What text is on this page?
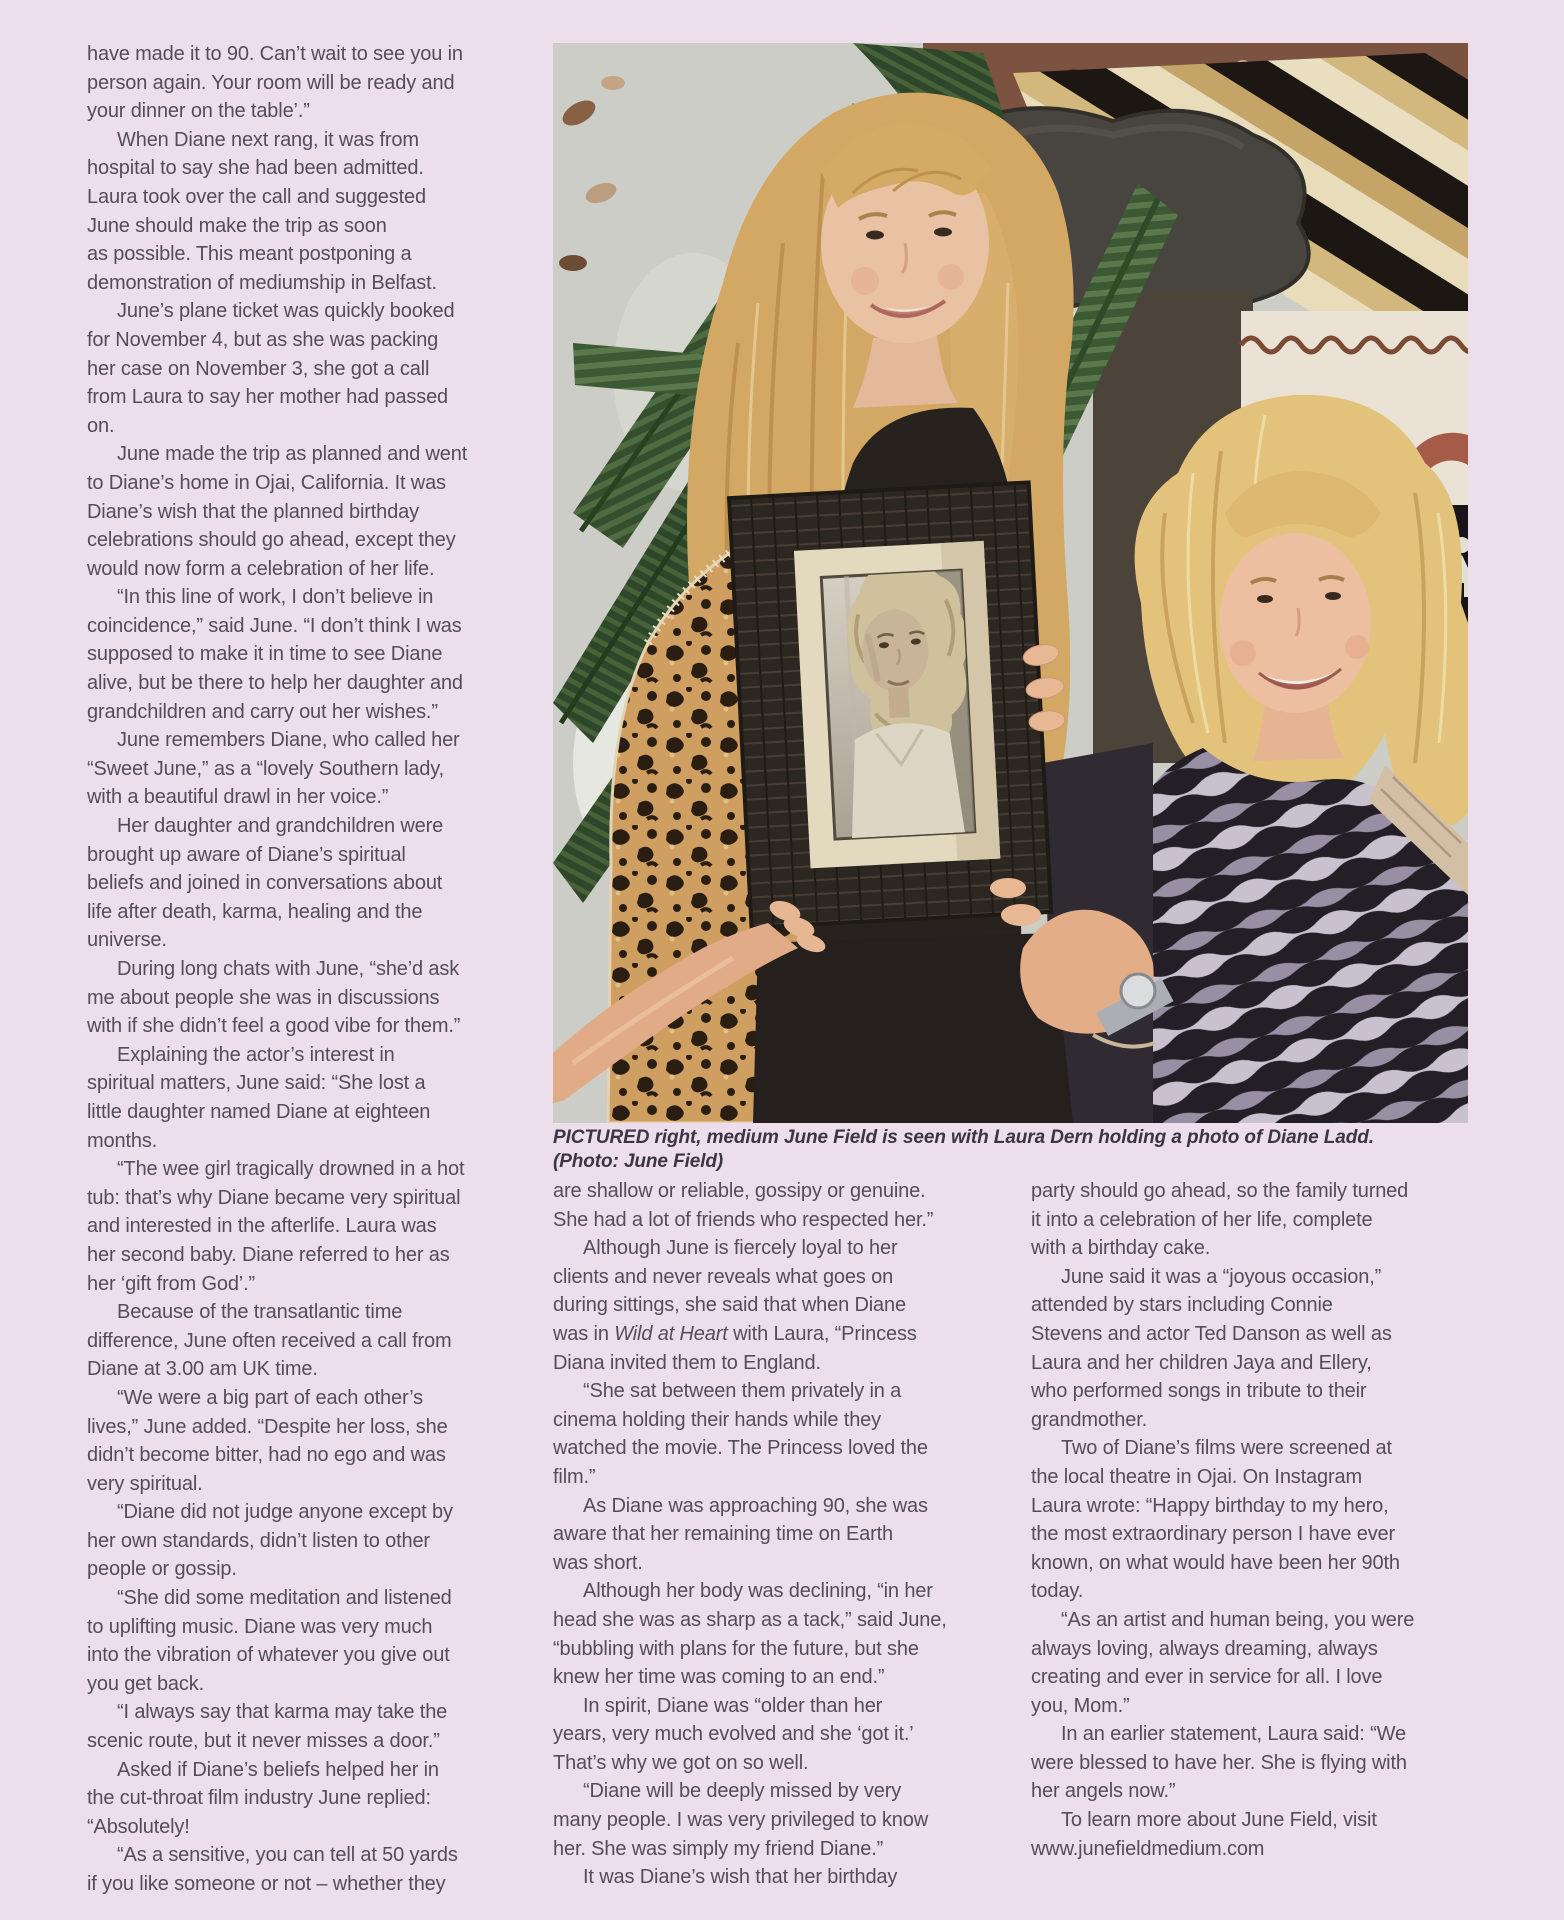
have made it to 90. Can’t wait to see you in
person again. Your room will be ready and
your dinner on the table’.”
When Diane next rang, it was from
hospital to say she had been admitted.
Laura took over the call and suggested
June should make the trip as soon
as possible. This meant postponing a
demonstration of mediumship in Belfast.
June’s plane ticket was quickly booked
for November 4, but as she was packing
her case on November 3, she got a call
from Laura to say her mother had passed
on.
June made the trip as planned and went
to Diane’s home in Ojai, California. It was
Diane’s wish that the planned birthday
celebrations should go ahead, except they
would now form a celebration of her life.
“In this line of work, I don’t believe in
coincidence,” said June. “I don’t think I was
supposed to make it in time to see Diane
alive, but be there to help her daughter and
grandchildren and carry out her wishes.”
June remembers Diane, who called her
“Sweet June,” as a “lovely Southern lady,
with a beautiful drawl in her voice.”
Her daughter and grandchildren were
brought up aware of Diane’s spiritual
beliefs and joined in conversations about
life after death, karma, healing and the
universe.
During long chats with June, “she’d ask
me about people she was in discussions
with if she didn’t feel a good vibe for them.”
Explaining the actor’s interest in
spiritual matters, June said: “She lost a
little daughter named Diane at eighteen
months.
“The wee girl tragically drowned in a hot
tub: that’s why Diane became very spiritual
and interested in the afterlife. Laura was
her second baby. Diane referred to her as
her ‘gift from God’.”
Because of the transatlantic time
difference, June often received a call from
Diane at 3.00 am UK time.
“We were a big part of each other’s
lives,” June added. “Despite her loss, she
didn’t become bitter, had no ego and was
very spiritual.
“Diane did not judge anyone except by
her own standards, didn’t listen to other
people or gossip.
“She did some meditation and listened
to uplifting music. Diane was very much
into the vibration of whatever you give out
you get back.
“I always say that karma may take the
scenic route, but it never misses a door.”
Asked if Diane’s beliefs helped her in
the cut-throat film industry June replied:
“Absolutely!
“As a sensitive, you can tell at 50 yards
if you like someone or not – whether they
PICTURED right, medium June Field is seen with Laura Dern holding a photo of Diane Ladd.
(Photo: June Field)
are shallow or reliable, gossipy or genuine.
She had a lot of friends who respected her.”
Although June is fiercely loyal to her
clients and never reveals what goes on
during sittings, she said that when Diane
was in Wild at Heart with Laura, “Princess
Diana invited them to England.
“She sat between them privately in a
cinema holding their hands while they
watched the movie. The Princess loved the
film.”
As Diane was approaching 90, she was
aware that her remaining time on Earth
was short.
Although her body was declining, “in her
head she was as sharp as a tack,” said June,
“bubbling with plans for the future, but she
knew her time was coming to an end.”
In spirit, Diane was “older than her
years, very much evolved and she ‘got it.’
That’s why we got on so well.
“Diane will be deeply missed by very
many people. I was very privileged to know
her. She was simply my friend Diane.”
It was Diane’s wish that her birthday
party should go ahead, so the family turned
it into a celebration of her life, complete
with a birthday cake.
June said it was a “joyous occasion,”
attended by stars including Connie
Stevens and actor Ted Danson as well as
Laura and her children Jaya and Ellery,
who performed songs in tribute to their
grandmother.
Two of Diane’s films were screened at
the local theatre in Ojai. On Instagram
Laura wrote: “Happy birthday to my hero,
the most extraordinary person I have ever
known, on what would have been her 90th
today.
“As an artist and human being, you were
always loving, always dreaming, always
creating and ever in service for all. I love
you, Mom.”
In an earlier statement, Laura said: “We
were blessed to have her. She is flying with
her angels now.”
To learn more about June Field, visit
www.junefieldmedium.com
